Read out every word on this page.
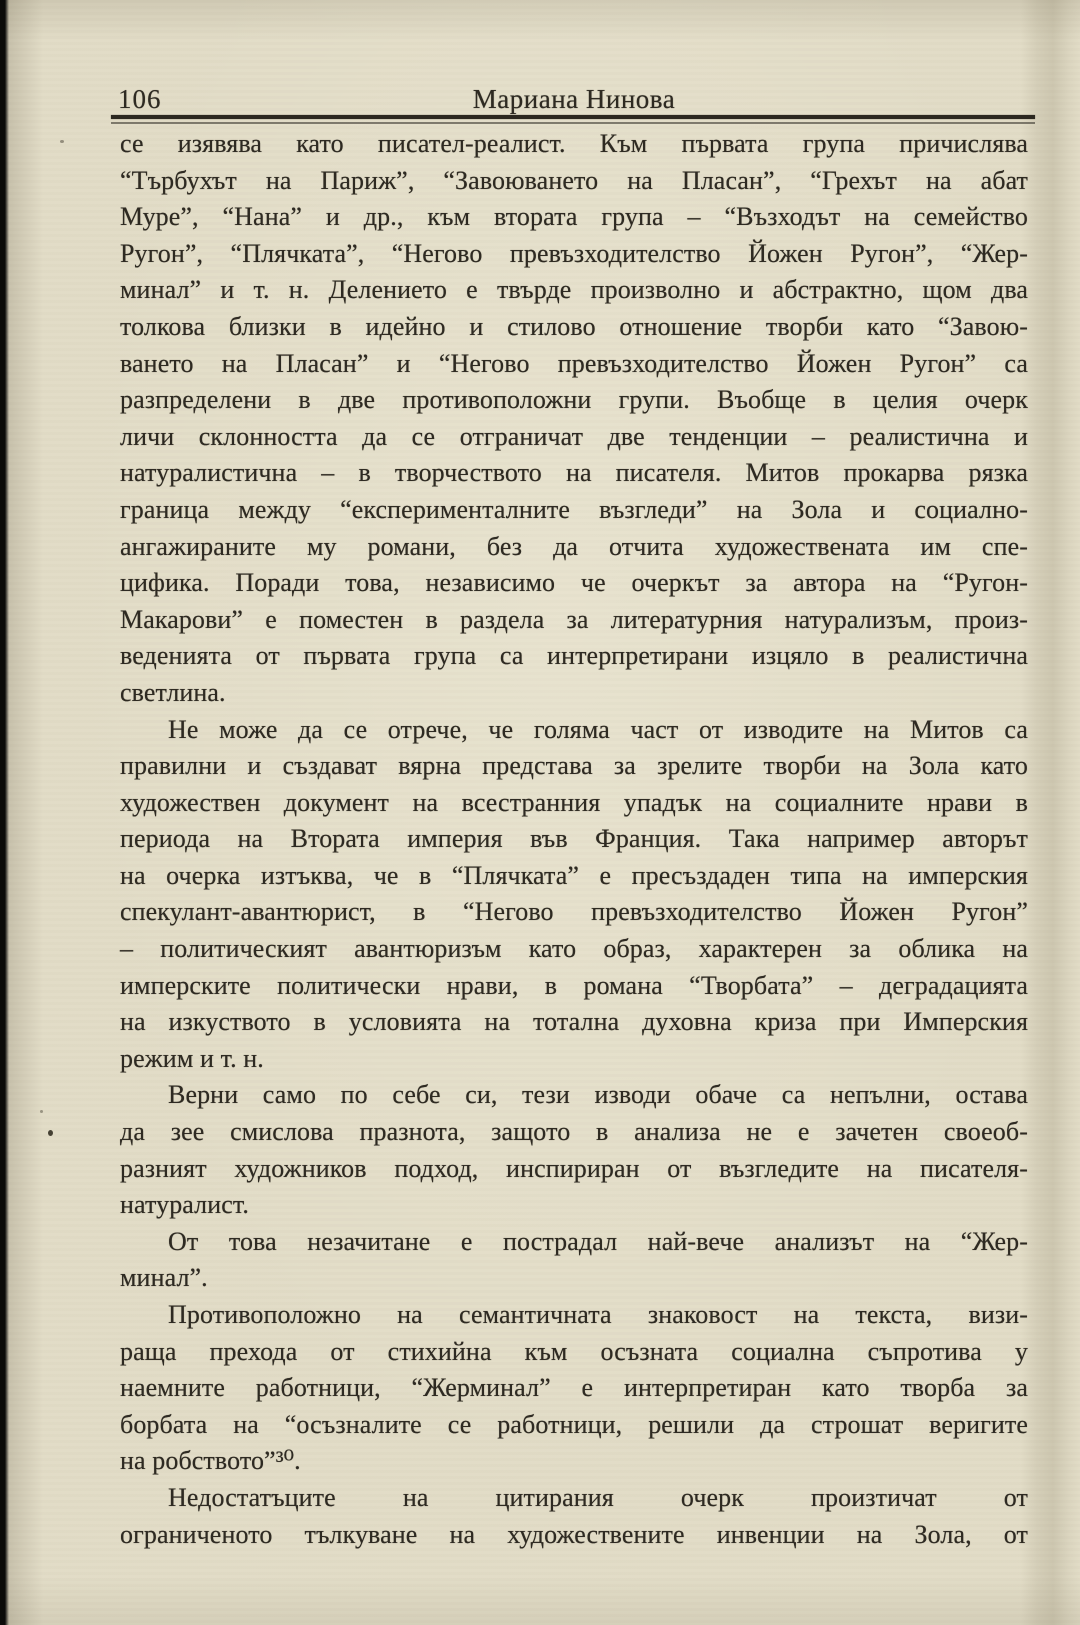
106	Мариана Нинова
се изявява като писател-реалист. Към първата група причислява
“Търбухът на Париж”, “Завоюването на Пласан”, “Грехът на абат
Муре”, “Нана” и др., към втората група – “Възходът на семейство
Ругон”, “Плячката”, “Негово превъзходителство Йожен Ругон”, “Жер-
минал” и т. н. Делението е твърде произволно и абстрактно, щом два
толкова близки в идейно и стилово отношение творби като “Завою-
ването на Пласан” и “Негово превъзходителство Йожен Ругон” са
разпределени в две противоположни групи. Въобще в целия очерк
личи склонността да се отграничат две тенденции – реалистична и
натуралистична – в творчеството на писателя. Митов прокарва рязка
граница между “експерименталните възгледи” на Зола и социално-
ангажираните му романи, без да отчита художествената им спе-
цифика. Поради това, независимо че очеркът за автора на “Ругон-
Макарови” е поместен в раздела за литературния натурализъм, произ-
веденията от първата група са интерпретирани изцяло в реалистична
светлина.
Не може да се отрече, че голяма част от изводите на Митов са
правилни и създават вярна представа за зрелите творби на Зола като
художествен документ на всестранния упадък на социалните нрави в
периода на Втората империя във Франция. Така например авторът
на очерка изтъква, че в “Плячката” е пресъздаден типа на имперския
спекулант-авантюрист, в “Негово превъзходителство Йожен Ругон”
– политическият авантюризъм като образ, характерен за облика на
имперските политически нрави, в романа “Творбата” – деградацията
на изкуството в условията на тотална духовна криза при Имперския
режим и т. н.
Верни само по себе си, тези изводи обаче са непълни, остава
да зее смислова празнота, защото в анализа не е зачетен своеоб-
разният художников подход, инспириран от възгледите на писателя-
натуралист.
От това незачитане е пострадал най-вече анализът на “Жер-
минал”.
Противоположно на семантичната знаковост на текста, визи-
раща прехода от стихийна към осъзната социална съпротива у
наемните работници, “Жерминал” е интерпретиран като творба за
борбата на “осъзналите се работници, решили да строшат веригите
на робството”³⁰.
Недостатъците на цитирания очерк произтичат от
ограниченото тълкуване на художествените инвенции на Зола, от
